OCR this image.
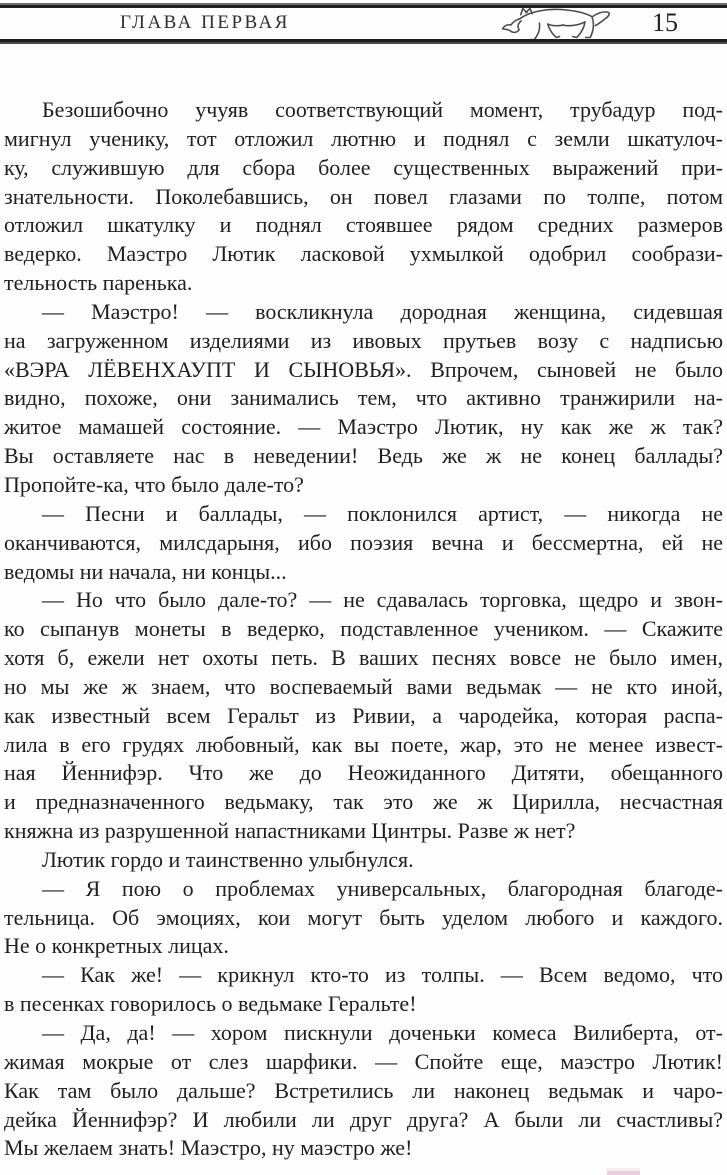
ГЛАВА ПЕРВАЯ	15
Безошибочно учуяв соответствующий момент, трубадур под-
мигнул ученику, тот отложил лютню и поднял с земли шкатулоч-
ку, служившую для сбора более существенных выражений при-
знательности. Поколебавшись, он повел глазами по толпе, потом
отложил шкатулку и поднял стоявшее рядом средних размеров
ведерко. Маэстро Лютик ласковой ухмылкой одобрил сообрази-
тельность паренька.
— Маэстро! — воскликнула дородная женщина, сидевшая
на загруженном изделиями из ивовых прутьев возу с надписью
«ВЭРА ЛЁВЕНХАУПТ И СЫНОВЬЯ». Впрочем, сыновей не было
видно, похоже, они занимались тем, что активно транжирили на-
житое мамашей состояние. — Маэстро Лютик, ну как же ж так?
Вы оставляете нас в неведении! Ведь же ж не конец баллады?
Пропойте-ка, что было дале-то?
— Песни и баллады, — поклонился артист, — никогда не
оканчиваются, милсдарыня, ибо поэзия вечна и бессмертна, ей не
ведомы ни начала, ни концы...
— Но что было дале-то? — не сдавалась торговка, щедро и звон-
ко сыпанув монеты в ведерко, подставленное учеником. — Скажите
хотя б, ежели нет охоты петь. В ваших песнях вовсе не было имен,
но мы же ж знаем, что воспеваемый вами ведьмак — не кто иной,
как известный всем Геральт из Ривии, а чародейка, которая распа-
лила в его грудях любовный, как вы поете, жар, это не менее извест-
ная Йеннифэр. Что же до Неожиданного Дитяти, обещанного
и предназначенного ведьмаку, так это же ж Цирилла, несчастная
княжна из разрушенной напастниками Цинтры. Разве ж нет?
Лютик гордо и таинственно улыбнулся.
— Я пою о проблемах универсальных, благородная благоде-
тельница. Об эмоциях, кои могут быть уделом любого и каждого.
Не о конкретных лицах.
— Как же! — крикнул кто-то из толпы. — Всем ведомо, что
в песенках говорилось о ведьмаке Геральте!
— Да, да! — хором пискнули доченьки комеса Вилиберта, от-
жимая мокрые от слез шарфики. — Спойте еще, маэстро Лютик!
Как там было дальше? Встретились ли наконец ведьмак и чаро-
дейка Йеннифэр? И любили ли друг друга? А были ли счастливы?
Мы желаем знать! Маэстро, ну маэстро же!
